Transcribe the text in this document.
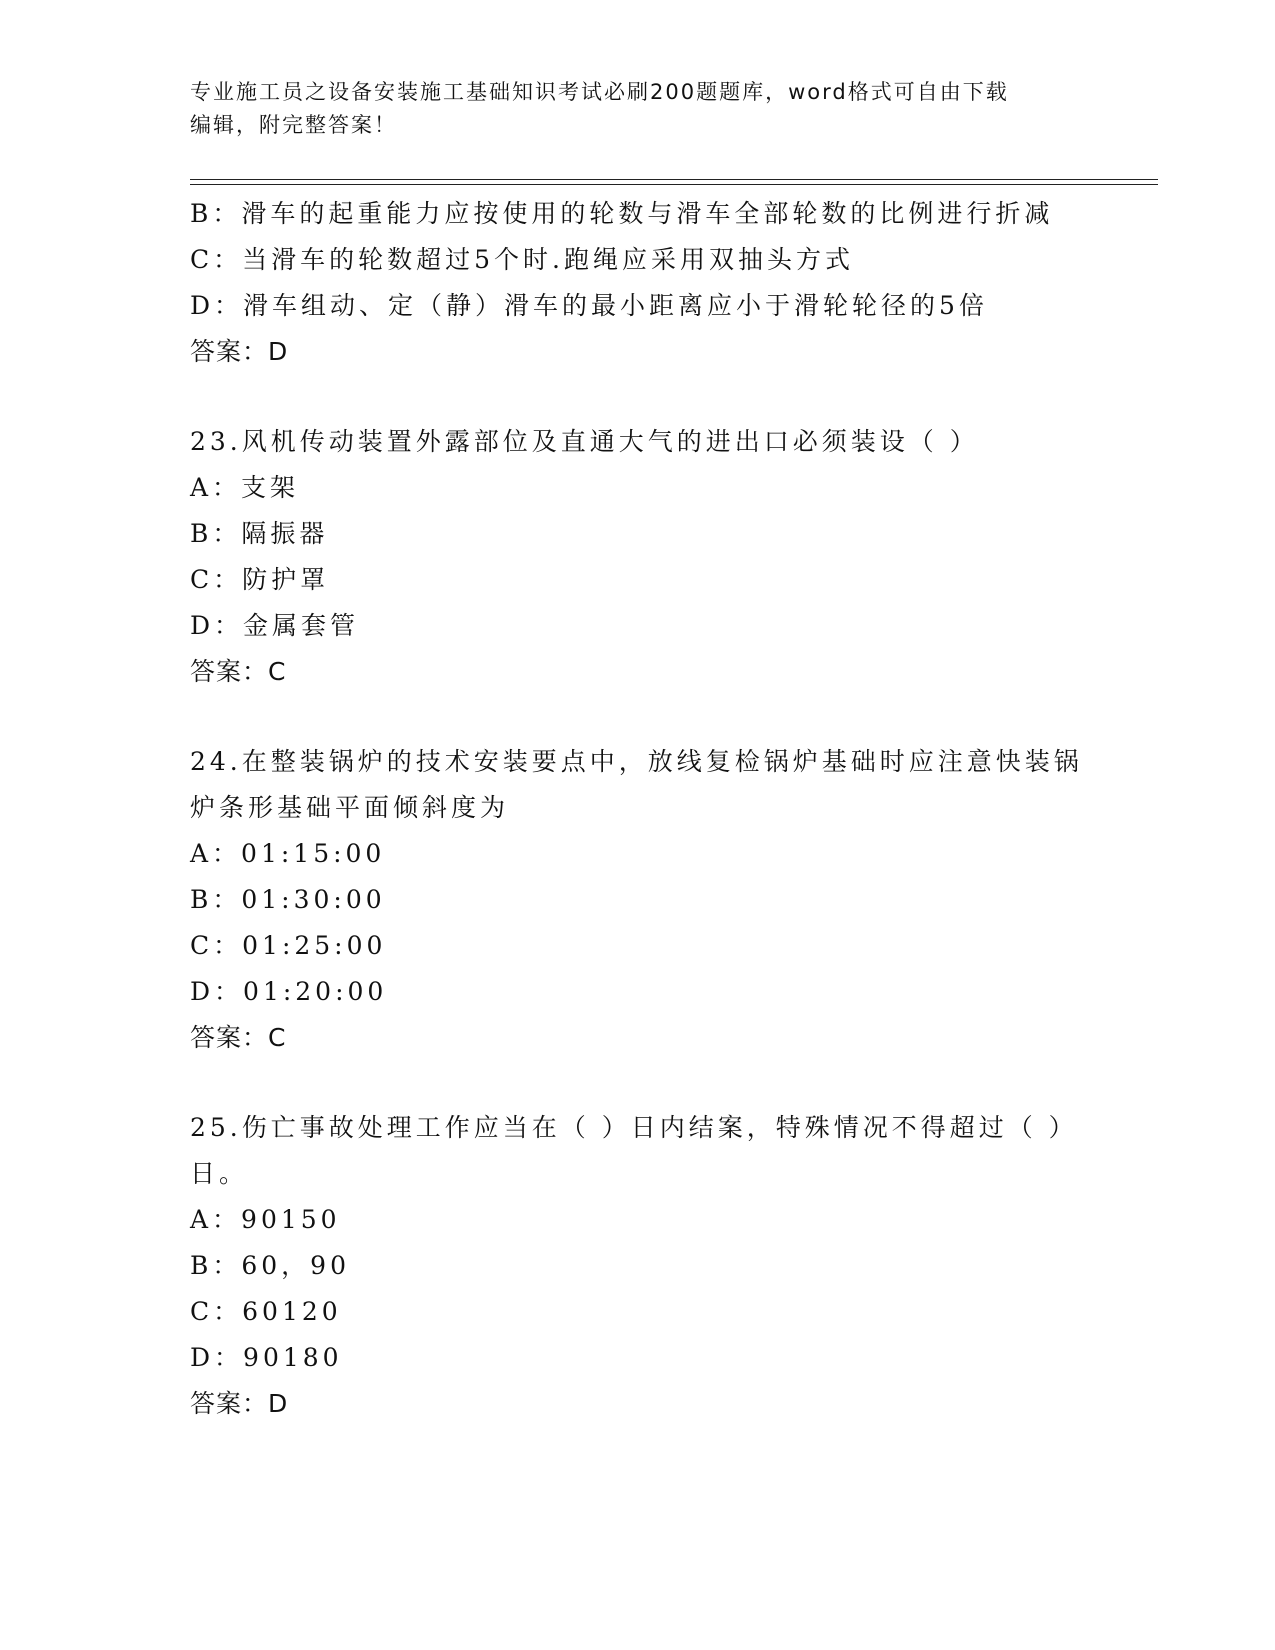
专业施工员之设备安装施工基础知识考试必刷200题题库，word格式可自由下载
编辑，附完整答案！
B：滑车的起重能力应按使用的轮数与滑车全部轮数的比例进行折减
C：当滑车的轮数超过5个时.跑绳应采用双抽头方式
D：滑车组动、定（静）滑车的最小距离应小于滑轮轮径的5倍
答案：D
23.风机传动装置外露部位及直通大气的进出口必须装设（ ）
A：支架
B：隔振器
C：防护罩
D：金属套管
答案：C
24.在整装锅炉的技术安装要点中，放线复检锅炉基础时应注意快装锅
炉条形基础平面倾斜度为
A：01:15:00
B：01:30:00
C：01:25:00
D：01:20:00
答案：C
25.伤亡事故处理工作应当在（ ）日内结案，特殊情况不得超过（ ）
日。
A：90150
B：60，90
C：60120
D：90180
答案：D
